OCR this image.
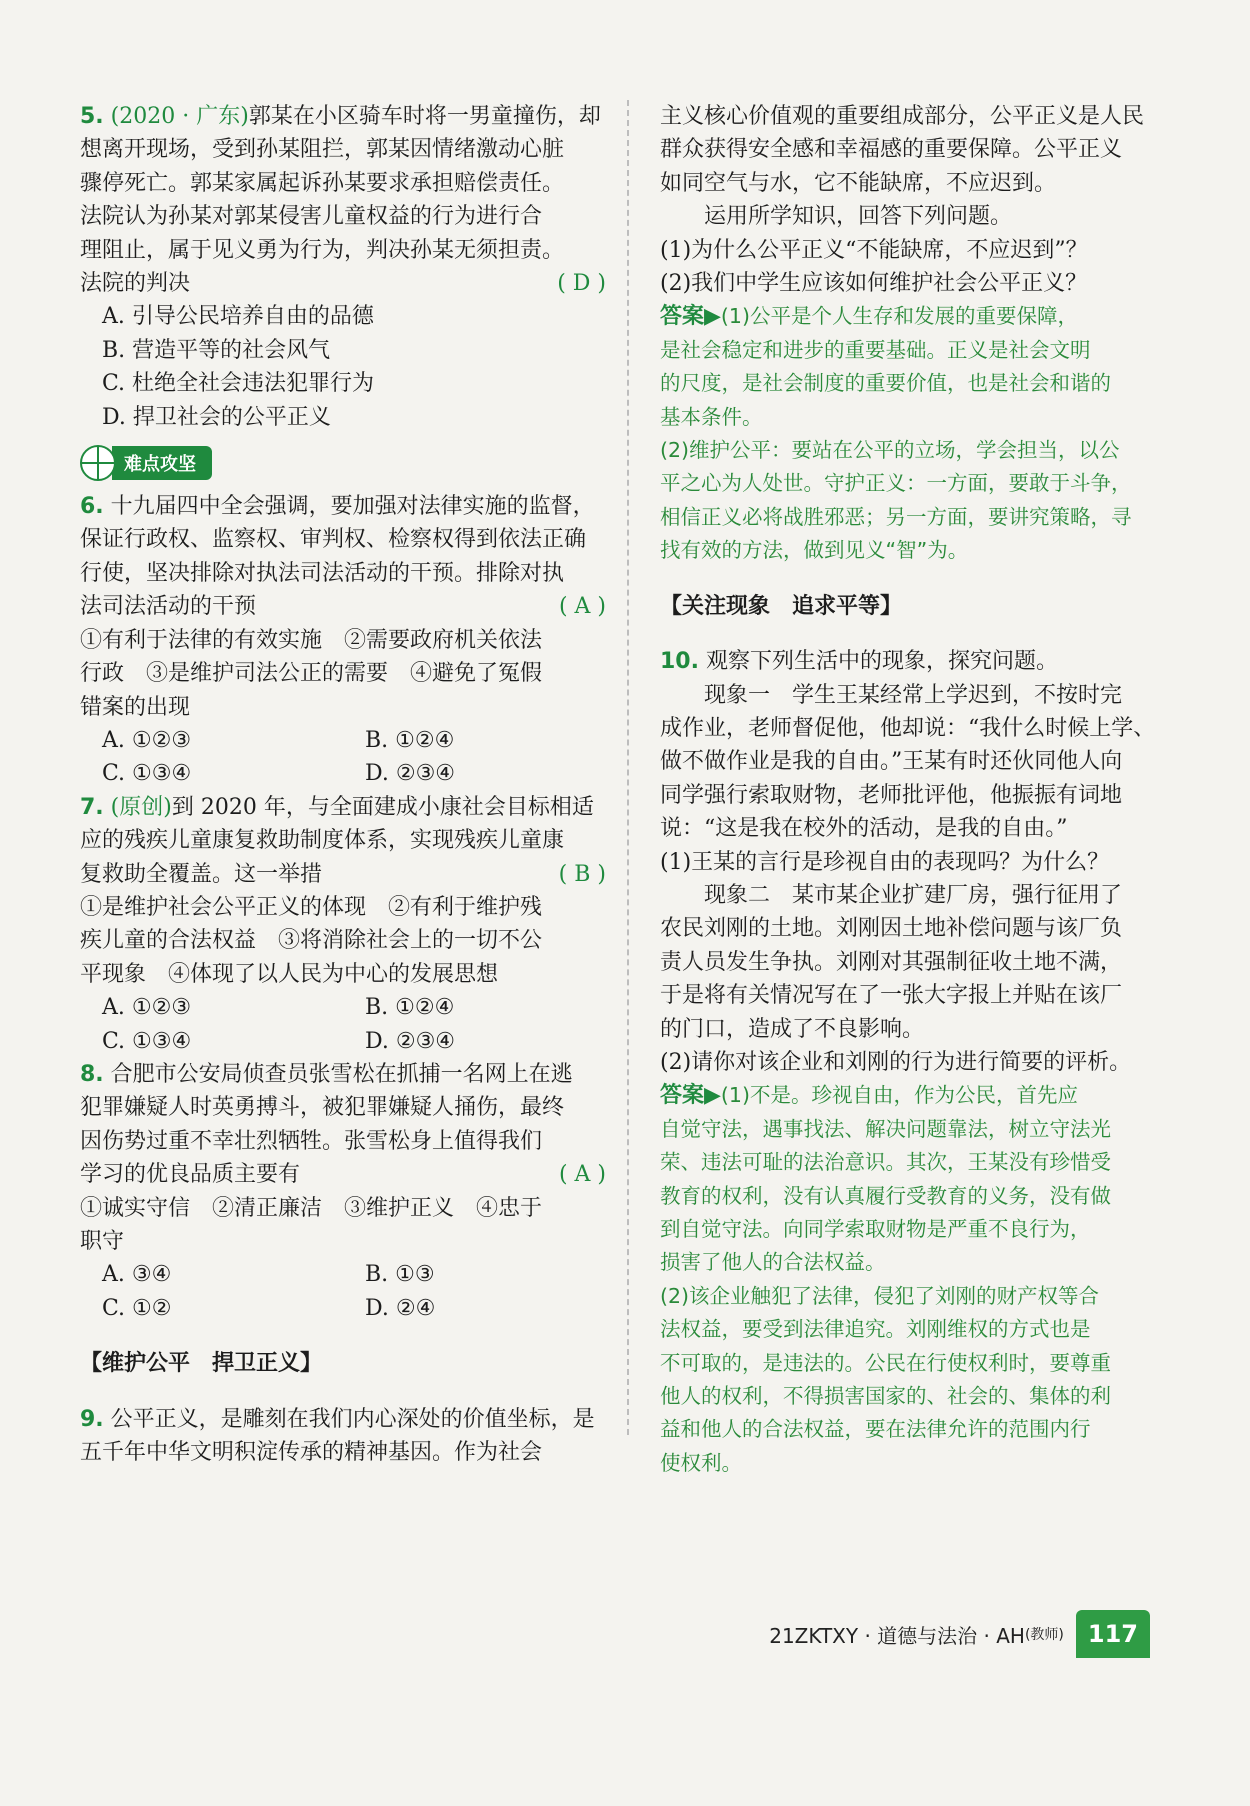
5. (2020 · 广东)郭某在小区骑车时将一男童撞伤，却

想离开现场，受到孙某阻拦，郭某因情绪激动心脏

骤停死亡。郭某家属起诉孙某要求承担赔偿责任。

法院认为孙某对郭某侵害儿童权益的行为进行合

理阻止，属于见义勇为行为，判决孙某无须担责。

法院的判决	( D )

A. 引导公民培养自由的品德

B. 营造平等的社会风气

C. 杜绝全社会违法犯罪行为

D. 捍卫社会的公平正义

难点攻坚

6. 十九届四中全会强调，要加强对法律实施的监督，

保证行政权、监察权、审判权、检察权得到依法正确

行使，坚决排除对执法司法活动的干预。排除对执

法司法活动的干预	( A )

①有利于法律的有效实施　②需要政府机关依法

行政　③是维护司法公正的需要　④避免了冤假

错案的出现

A. ①②③	B. ①②④
C. ①③④	D. ②③④

7. (原创)到 2020 年，与全面建成小康社会目标相适

应的残疾儿童康复救助制度体系，实现残疾儿童康

复救助全覆盖。这一举措	( B )

①是维护社会公平正义的体现　②有利于维护残

疾儿童的合法权益　③将消除社会上的一切不公

平现象　④体现了以人民为中心的发展思想

A. ①②③	B. ①②④
C. ①③④	D. ②③④

8. 合肥市公安局侦查员张雪松在抓捕一名网上在逃

犯罪嫌疑人时英勇搏斗，被犯罪嫌疑人捅伤，最终

因伤势过重不幸壮烈牺牲。张雪松身上值得我们

学习的优良品质主要有	( A )

①诚实守信　②清正廉洁　③维护正义　④忠于

职守

A. ③④	B. ①③
C. ①②	D. ②④

【维护公平　捍卫正义】

9. 公平正义，是雕刻在我们内心深处的价值坐标，是

五千年中华文明积淀传承的精神基因。作为社会

主义核心价值观的重要组成部分，公平正义是人民

群众获得安全感和幸福感的重要保障。公平正义

如同空气与水，它不能缺席，不应迟到。

运用所学知识，回答下列问题。

(1)为什么公平正义“不能缺席，不应迟到”？

(2)我们中学生应该如何维护社会公平正义？

答案▶(1)公平是个人生存和发展的重要保障，

是社会稳定和进步的重要基础。正义是社会文明

的尺度，是社会制度的重要价值，也是社会和谐的

基本条件。

(2)维护公平：要站在公平的立场，学会担当，以公

平之心为人处世。守护正义：一方面，要敢于斗争，

相信正义必将战胜邪恶；另一方面，要讲究策略，寻

找有效的方法，做到见义“智”为。

【关注现象　追求平等】

10. 观察下列生活中的现象，探究问题。

现象一　学生王某经常上学迟到，不按时完

成作业，老师督促他，他却说：“我什么时候上学、

做不做作业是我的自由。”王某有时还伙同他人向

同学强行索取财物，老师批评他，他振振有词地

说：“这是我在校外的活动，是我的自由。”

(1)王某的言行是珍视自由的表现吗？为什么？

现象二　某市某企业扩建厂房，强行征用了

农民刘刚的土地。刘刚因土地补偿问题与该厂负

责人员发生争执。刘刚对其强制征收土地不满，

于是将有关情况写在了一张大字报上并贴在该厂

的门口，造成了不良影响。

(2)请你对该企业和刘刚的行为进行简要的评析。

答案▶(1)不是。珍视自由，作为公民，首先应

自觉守法，遇事找法、解决问题靠法，树立守法光

荣、违法可耻的法治意识。其次，王某没有珍惜受

教育的权利，没有认真履行受教育的义务，没有做

到自觉守法。向同学索取财物是严重不良行为，

损害了他人的合法权益。

(2)该企业触犯了法律，侵犯了刘刚的财产权等合

法权益，要受到法律追究。刘刚维权的方式也是

不可取的，是违法的。公民在行使权利时，要尊重

他人的权利，不得损害国家的、社会的、集体的利

益和他人的合法权益，要在法律允许的范围内行

使权利。

21ZKTXY · 道德与法治 · AH (教师)	117
